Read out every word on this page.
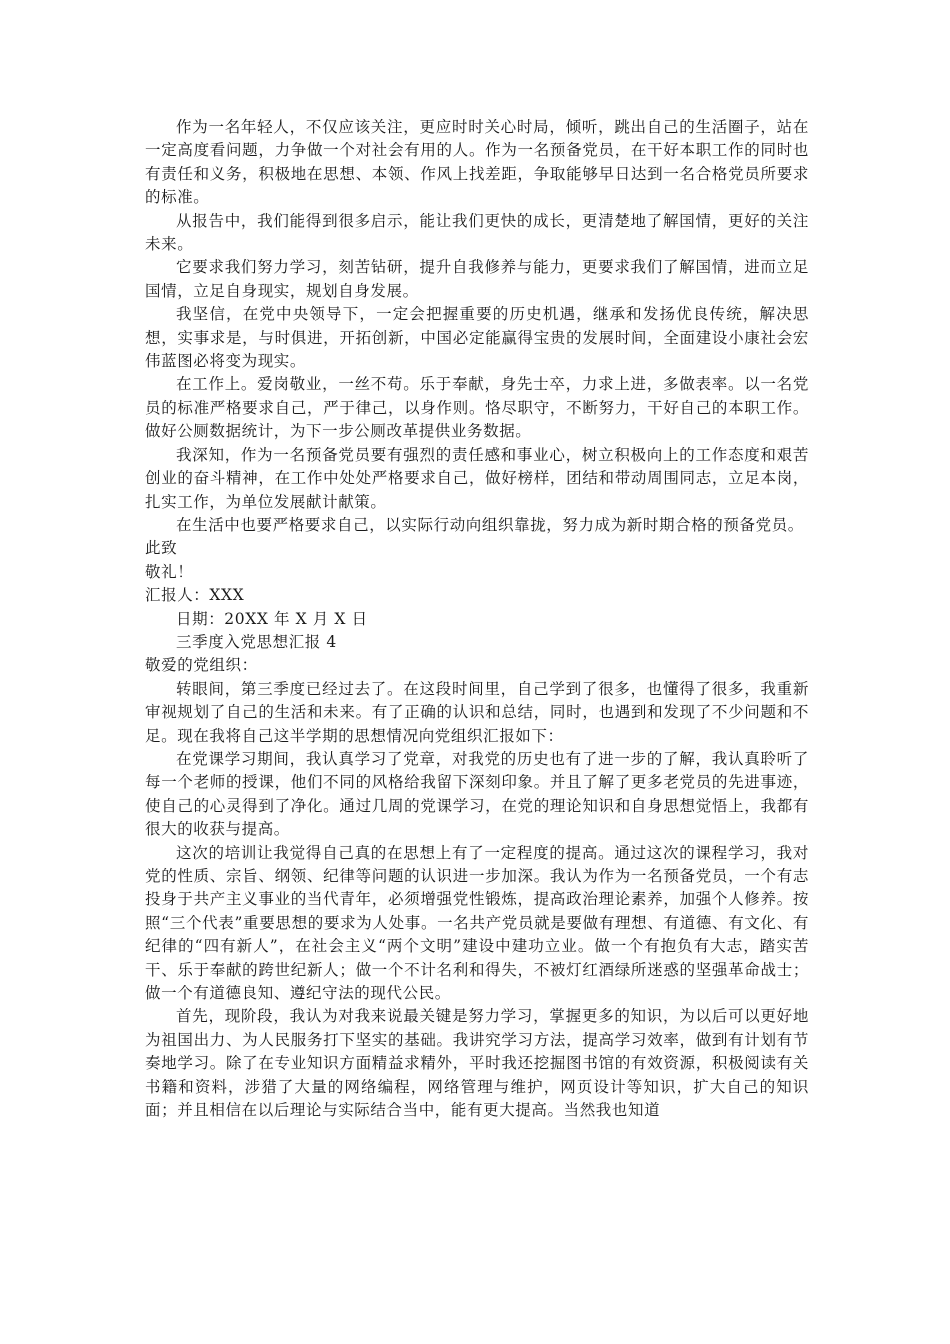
作为一名年轻人，不仅应该关注，更应时时关心时局，倾听，跳出自己的生活圈子，站在一定高度看问题，力争做一个对社会有用的人。作为一名预备党员，在干好本职工作的同时也有责任和义务，积极地在思想、本领、作风上找差距，争取能够早日达到一名合格党员所要求的标准。

从报告中，我们能得到很多启示，能让我们更快的成长，更清楚地了解国情，更好的关注未来。

它要求我们努力学习，刻苦钻研，提升自我修养与能力，更要求我们了解国情，进而立足国情，立足自身现实，规划自身发展。

我坚信，在党中央领导下，一定会把握重要的历史机遇，继承和发扬优良传统，解决思想，实事求是，与时俱进，开拓创新，中国必定能赢得宝贵的发展时间，全面建设小康社会宏伟蓝图必将变为现实。

在工作上。爱岗敬业，一丝不苟。乐于奉献，身先士卒，力求上进，多做表率。以一名党员的标准严格要求自己，严于律己，以身作则。恪尽职守，不断努力，干好自己的本职工作。做好公厕数据统计，为下一步公厕改革提供业务数据。

我深知，作为一名预备党员要有强烈的责任感和事业心，树立积极向上的工作态度和艰苦创业的奋斗精神，在工作中处处严格要求自己，做好榜样，团结和带动周围同志，立足本岗，扎实工作，为单位发展献计献策。

在生活中也要严格要求自己，以实际行动向组织靠拢，努力成为新时期合格的预备党员。

此致

敬礼！

汇报人：XXX

日期：20XX 年 X 月 X 日

三季度入党思想汇报 4

敬爱的党组织：

转眼间，第三季度已经过去了。在这段时间里，自己学到了很多，也懂得了很多，我重新审视规划了自己的生活和未来。有了正确的认识和总结，同时，也遇到和发现了不少问题和不足。现在我将自己这半学期的思想情况向党组织汇报如下：

在党课学习期间，我认真学习了党章，对我党的历史也有了进一步的了解，我认真聆听了每一个老师的授课，他们不同的风格给我留下深刻印象。并且了解了更多老党员的先进事迹，使自己的心灵得到了净化。通过几周的党课学习，在党的理论知识和自身思想觉悟上，我都有很大的收获与提高。

这次的培训让我觉得自己真的在思想上有了一定程度的提高。通过这次的课程学习，我对党的性质、宗旨、纲领、纪律等问题的认识进一步加深。我认为作为一名预备党员，一个有志投身于共产主义事业的当代青年，必须增强党性锻炼，提高政治理论素养，加强个人修养。按照“三个代表”重要思想的要求为人处事。一名共产党员就是要做有理想、有道德、有文化、有纪律的“四有新人”，在社会主义“两个文明”建设中建功立业。做一个有抱负有大志，踏实苦干、乐于奉献的跨世纪新人；做一个不计名利和得失，不被灯红酒绿所迷惑的坚强革命战士；做一个有道德良知、遵纪守法的现代公民。

首先，现阶段，我认为对我来说最关键是努力学习，掌握更多的知识，为以后可以更好地为祖国出力、为人民服务打下坚实的基础。我讲究学习方法，提高学习效率，做到有计划有节奏地学习。除了在专业知识方面精益求精外，平时我还挖掘图书馆的有效资源，积极阅读有关书籍和资料，涉猎了大量的网络编程，网络管理与维护，网页设计等知识，扩大自己的知识面；并且相信在以后理论与实际结合当中，能有更大提高。当然我也知道
